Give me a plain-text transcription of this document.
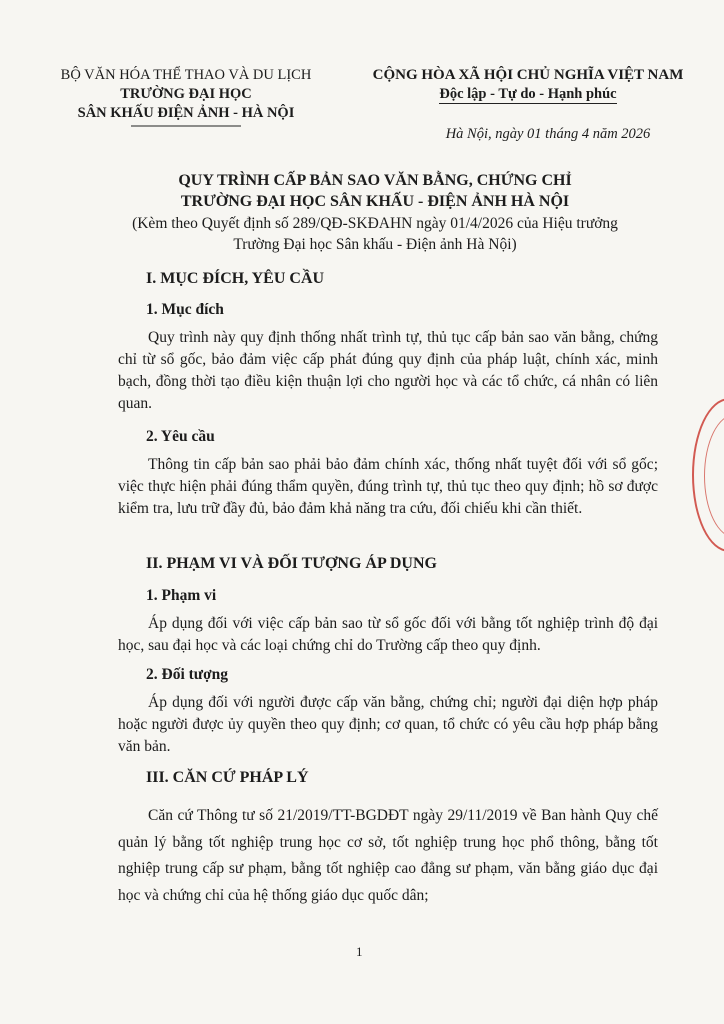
BỘ VĂN HÓA THỂ THAO VÀ DU LỊCH
TRƯỜNG ĐẠI HỌC
SÂN KHẤU ĐIỆN ẢNH - HÀ NỘI
CỘNG HÒA XÃ HỘI CHỦ NGHĨA VIỆT NAM
Độc lập - Tự do - Hạnh phúc
Hà Nội, ngày 01 tháng 4 năm 2026
QUY TRÌNH CẤP BẢN SAO VĂN BẰNG, CHỨNG CHỈ
TRƯỜNG ĐẠI HỌC SÂN KHẤU - ĐIỆN ẢNH HÀ NỘI
(Kèm theo Quyết định số 289/QĐ-SKĐAHN ngày 01/4/2026 của Hiệu trưởng
Trường Đại học Sân khấu - Điện ảnh Hà Nội)
I. MỤC ĐÍCH, YÊU CẦU
1. Mục đích
Quy trình này quy định thống nhất trình tự, thủ tục cấp bản sao văn bằng, chứng chỉ từ sổ gốc, bảo đảm việc cấp phát đúng quy định của pháp luật, chính xác, minh bạch, đồng thời tạo điều kiện thuận lợi cho người học và các tổ chức, cá nhân có liên quan.
2. Yêu cầu
Thông tin cấp bản sao phải bảo đảm chính xác, thống nhất tuyệt đối với sổ gốc; việc thực hiện phải đúng thẩm quyền, đúng trình tự, thủ tục theo quy định; hồ sơ được kiểm tra, lưu trữ đầy đủ, bảo đảm khả năng tra cứu, đối chiếu khi cần thiết.
II. PHẠM VI VÀ ĐỐI TƯỢNG ÁP DỤNG
1. Phạm vi
Áp dụng đối với việc cấp bản sao từ sổ gốc đối với bằng tốt nghiệp trình độ đại học, sau đại học và các loại chứng chỉ do Trường cấp theo quy định.
2. Đối tượng
Áp dụng đối với người được cấp văn bằng, chứng chỉ; người đại diện hợp pháp hoặc người được ủy quyền theo quy định; cơ quan, tổ chức có yêu cầu hợp pháp bằng văn bản.
III. CĂN CỨ PHÁP LÝ
Căn cứ Thông tư số 21/2019/TT-BGDĐT ngày 29/11/2019 về Ban hành Quy chế quản lý bằng tốt nghiệp trung học cơ sở, tốt nghiệp trung học phổ thông, bằng tốt nghiệp trung cấp sư phạm, bằng tốt nghiệp cao đẳng sư phạm, văn bằng giáo dục đại học và chứng chỉ của hệ thống giáo dục quốc dân;
1
